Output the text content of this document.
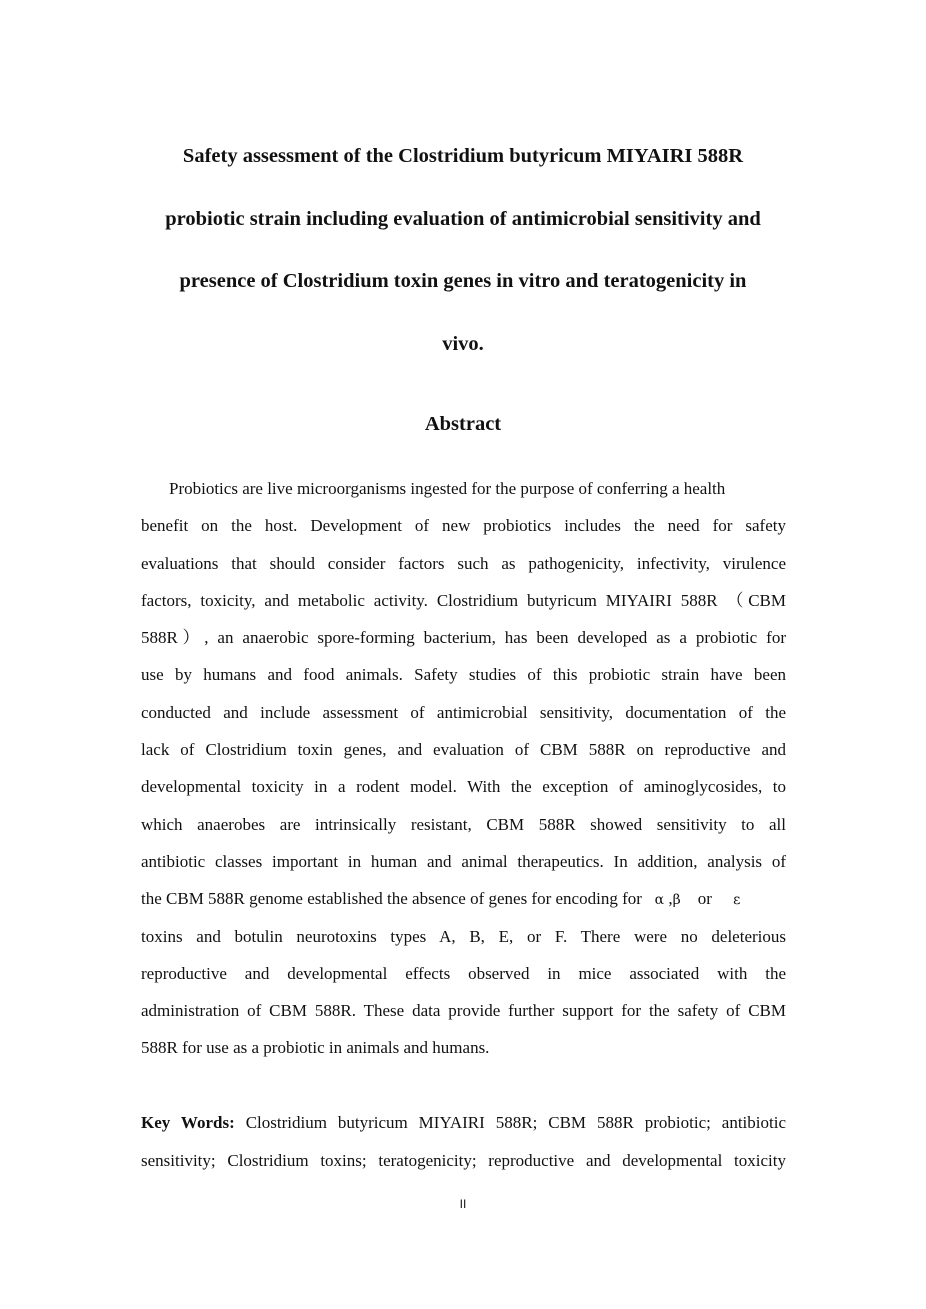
Safety assessment of the Clostridium butyricum MIYAIRI 588R

probiotic strain including evaluation of antimicrobial sensitivity and

presence of Clostridium toxin genes in vitro and teratogenicity in

vivo.

Abstract

Probiotics are live microorganisms ingested for the purpose of conferring a health

benefit on the host. Development of new probiotics includes the need for safety

evaluations that should consider factors such as pathogenicity, infectivity, virulence

factors, toxicity, and metabolic activity. Clostridium butyricum MIYAIRI 588R （CBM

588R）, an anaerobic spore-forming bacterium, has been developed as a probiotic for

use by humans and food animals. Safety studies of this probiotic strain have been

conducted and include assessment of antimicrobial sensitivity, documentation of the

lack of Clostridium toxin genes, and evaluation of CBM 588R on reproductive and

developmental toxicity in a rodent model. With the exception of aminoglycosides, to

which anaerobes are intrinsically resistant, CBM 588R showed sensitivity to all

antibiotic classes important in human and animal therapeutics. In addition, analysis of

the CBM 588R genome established the absence of genes for encoding for α ,β or ε

toxins and botulin neurotoxins types A, B, E, or F. There were no deleterious

reproductive and developmental effects observed in mice associated with the

administration of CBM 588R. These data provide further support for the safety of CBM

588R for use as a probiotic in animals and humans.

Key Words: Clostridium butyricum MIYAIRI 588R; CBM 588R probiotic; antibiotic

sensitivity; Clostridium toxins; teratogenicity; reproductive and developmental toxicity

II
